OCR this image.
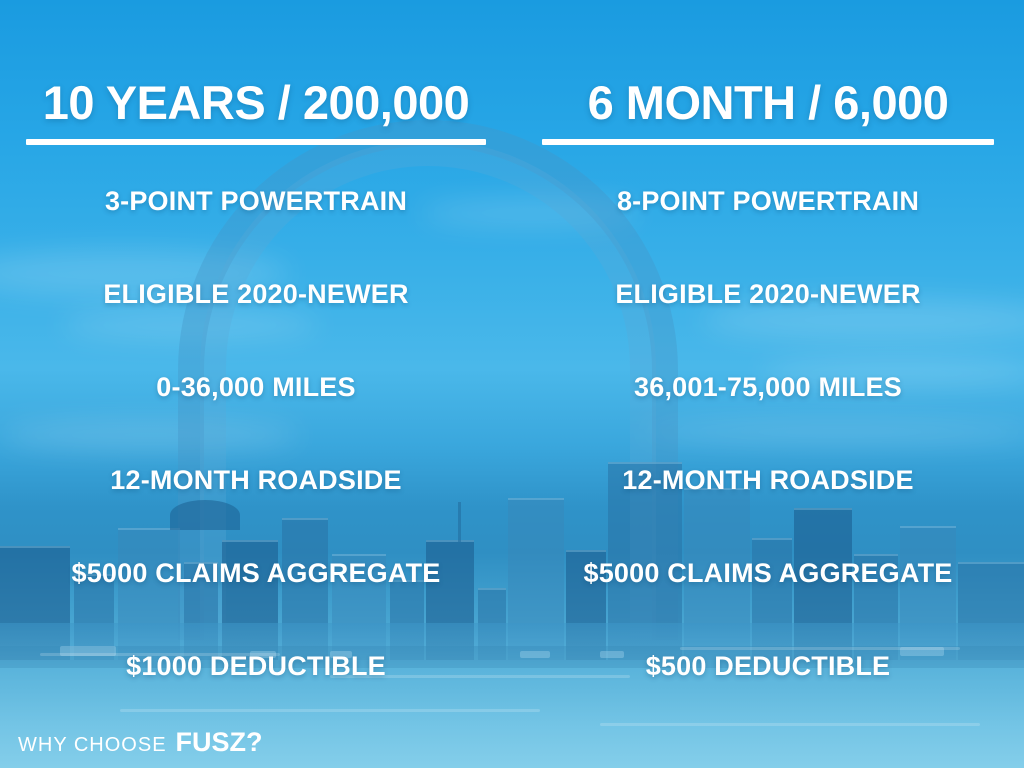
10 YEARS / 200,000
3-POINT POWERTRAIN
ELIGIBLE 2020-NEWER
0-36,000 MILES
12-MONTH ROADSIDE
$5000 CLAIMS AGGREGATE
$1000 DEDUCTIBLE
6 MONTH / 6,000
8-POINT POWERTRAIN
ELIGIBLE 2020-NEWER
36,001-75,000 MILES
12-MONTH ROADSIDE
$5000 CLAIMS AGGREGATE
$500 DEDUCTIBLE
WHY CHOOSE FUSZ?
